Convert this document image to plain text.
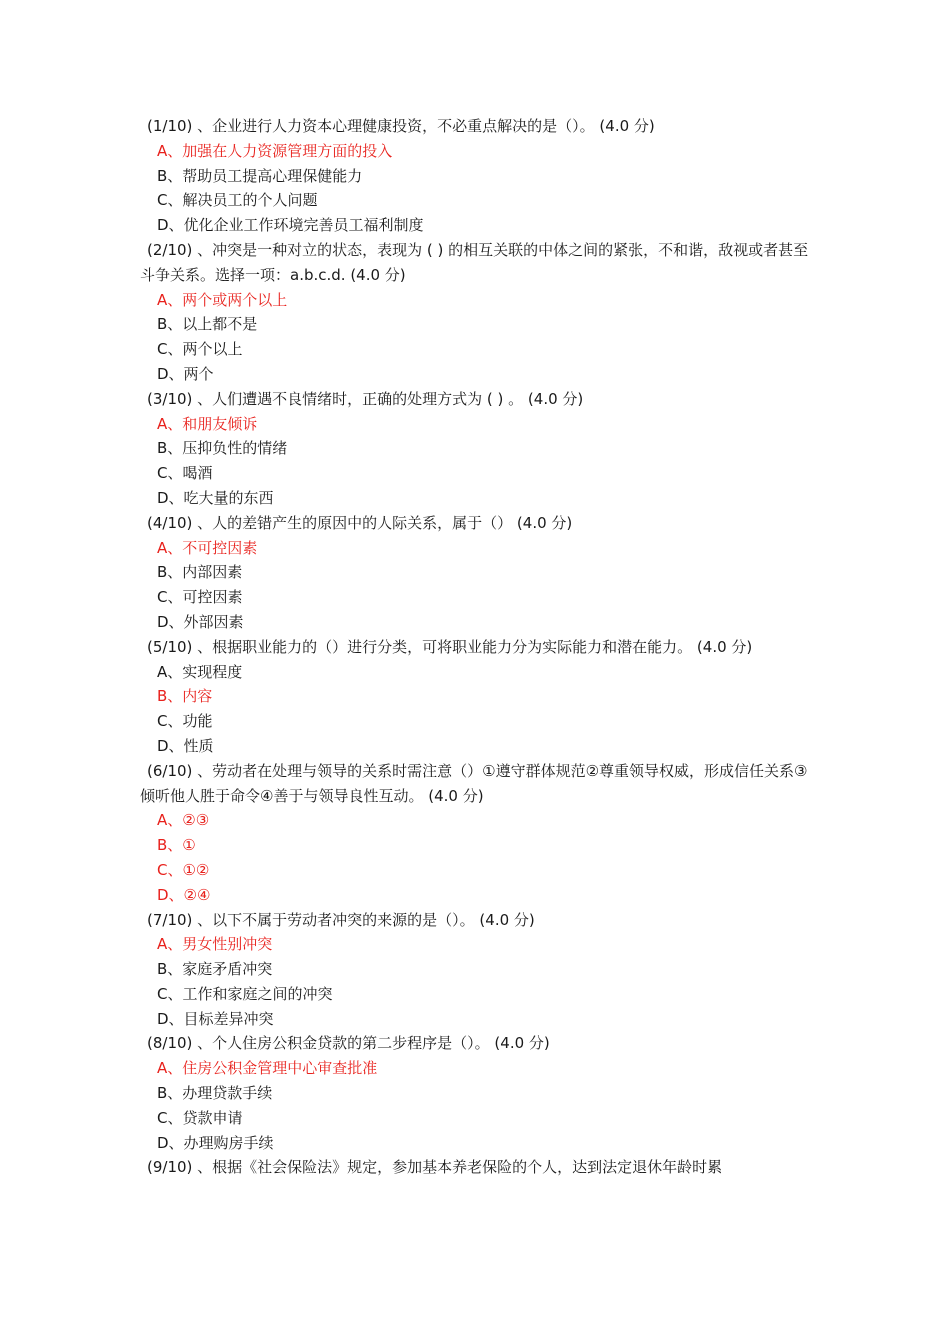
(1/10) 、企业进行人力资本心理健康投资，不必重点解决的是（）。 (4.0 分)

A、加强在人力资源管理方面的投入

B、帮助员工提高心理保健能力

C、解决员工的个人问题

D、优化企业工作环境完善员工福利制度

(2/10) 、冲突是一种对立的状态，表现为 ( ) 的相互关联的中体之间的紧张，不和谐，敌视或者甚至斗争关系。选择一项：a.b.c.d. (4.0 分)

A、两个或两个以上

B、以上都不是

C、两个以上

D、两个

(3/10) 、人们遭遇不良情绪时，正确的处理方式为 ( ) 。 (4.0 分)

A、和朋友倾诉

B、压抑负性的情绪

C、喝酒

D、吃大量的东西

(4/10) 、人的差错产生的原因中的人际关系，属于（） (4.0 分)

A、不可控因素

B、内部因素

C、可控因素

D、外部因素

(5/10) 、根据职业能力的（）进行分类，可将职业能力分为实际能力和潜在能力。 (4.0 分)

A、实现程度

B、内容

C、功能

D、性质

(6/10) 、劳动者在处理与领导的关系时需注意（）①遵守群体规范②尊重领导权威，形成信任关系③倾听他人胜于命令④善于与领导良性互动。 (4.0 分)

A、②③

B、①

C、①②

D、②④

(7/10) 、以下不属于劳动者冲突的来源的是（）。 (4.0 分)

A、男女性别冲突

B、家庭矛盾冲突

C、工作和家庭之间的冲突

D、目标差异冲突

(8/10) 、个人住房公积金贷款的第二步程序是（）。 (4.0 分)

A、住房公积金管理中心审查批准

B、办理贷款手续

C、贷款申请

D、办理购房手续

(9/10) 、根据《社会保险法》规定，参加基本养老保险的个人，达到法定退休年龄时累
